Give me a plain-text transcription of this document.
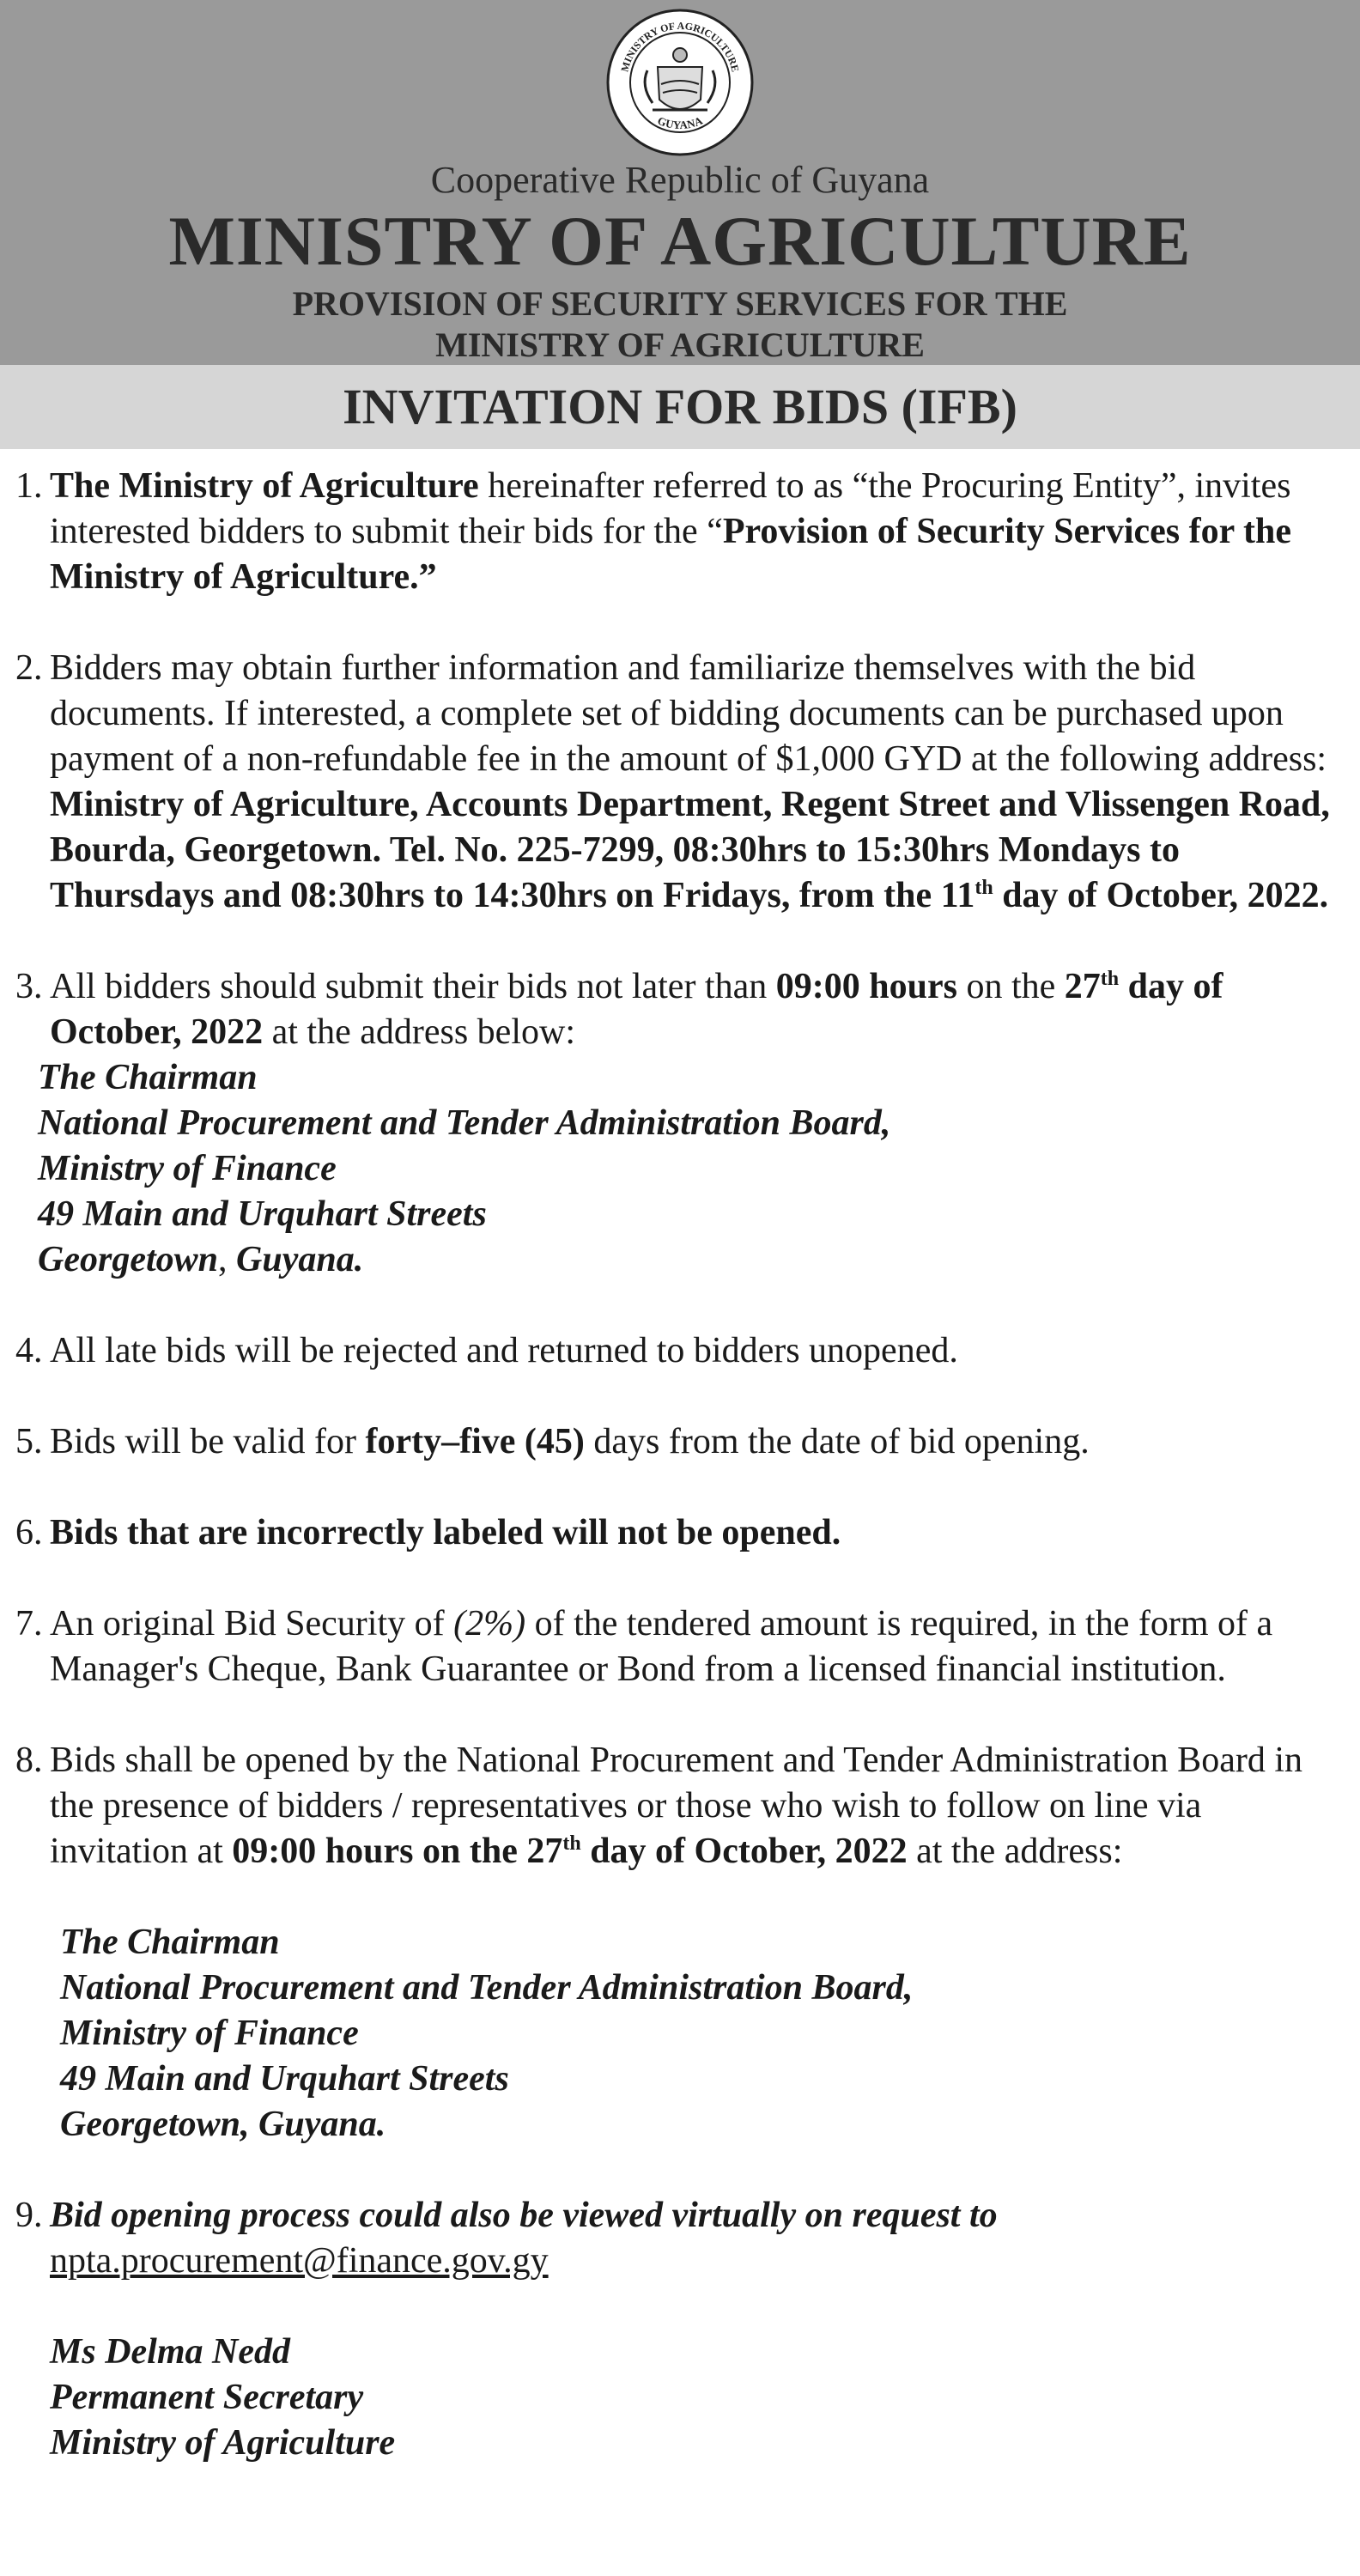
MINISTRY OF AGRICULTURE
GUYANA
Cooperative Republic of Guyana
MINISTRY OF AGRICULTURE
PROVISION OF SECURITY SERVICES FOR THE
MINISTRY OF AGRICULTURE
INVITATION FOR BIDS (IFB)
1. The Ministry of Agriculture hereinafter referred to as “the Procuring Entity”, invites interested bidders to submit their bids for the “Provision of Security Services for the Ministry of Agriculture.”
2. Bidders may obtain further information and familiarize themselves with the bid documents. If interested, a complete set of bidding documents can be purchased upon payment of a non-refundable fee in the amount of $1,000 GYD at the following address: Ministry of Agriculture, Accounts Department, Regent Street and Vlissengen Road, Bourda, Georgetown. Tel. No. 225-7299, 08:30hrs to 15:30hrs Mondays to Thursdays and 08:30hrs to 14:30hrs on Fridays, from the 11th day of October, 2022.
3. All bidders should submit their bids not later than 09:00 hours on the 27th day of October, 2022 at the address below:
The Chairman
National Procurement and Tender Administration Board,
Ministry of Finance
49 Main and Urquhart Streets
Georgetown, Guyana.
4. All late bids will be rejected and returned to bidders unopened.
5. Bids will be valid for forty–five (45) days from the date of bid opening.
6. Bids that are incorrectly labeled will not be opened.
7. An original Bid Security of (2%) of the tendered amount is required, in the form of a Manager's Cheque, Bank Guarantee or Bond from a licensed financial institution.
8. Bids shall be opened by the National Procurement and Tender Administration Board in the presence of bidders / representatives or those who wish to follow on line via invitation at 09:00 hours on the 27th day of October, 2022 at the address:
The Chairman
National Procurement and Tender Administration Board,
Ministry of Finance
49 Main and Urquhart Streets
Georgetown, Guyana.
9. Bid opening process could also be viewed virtually on request to
npta.procurement@finance.gov.gy
Ms Delma Nedd
Permanent Secretary
Ministry of Agriculture
